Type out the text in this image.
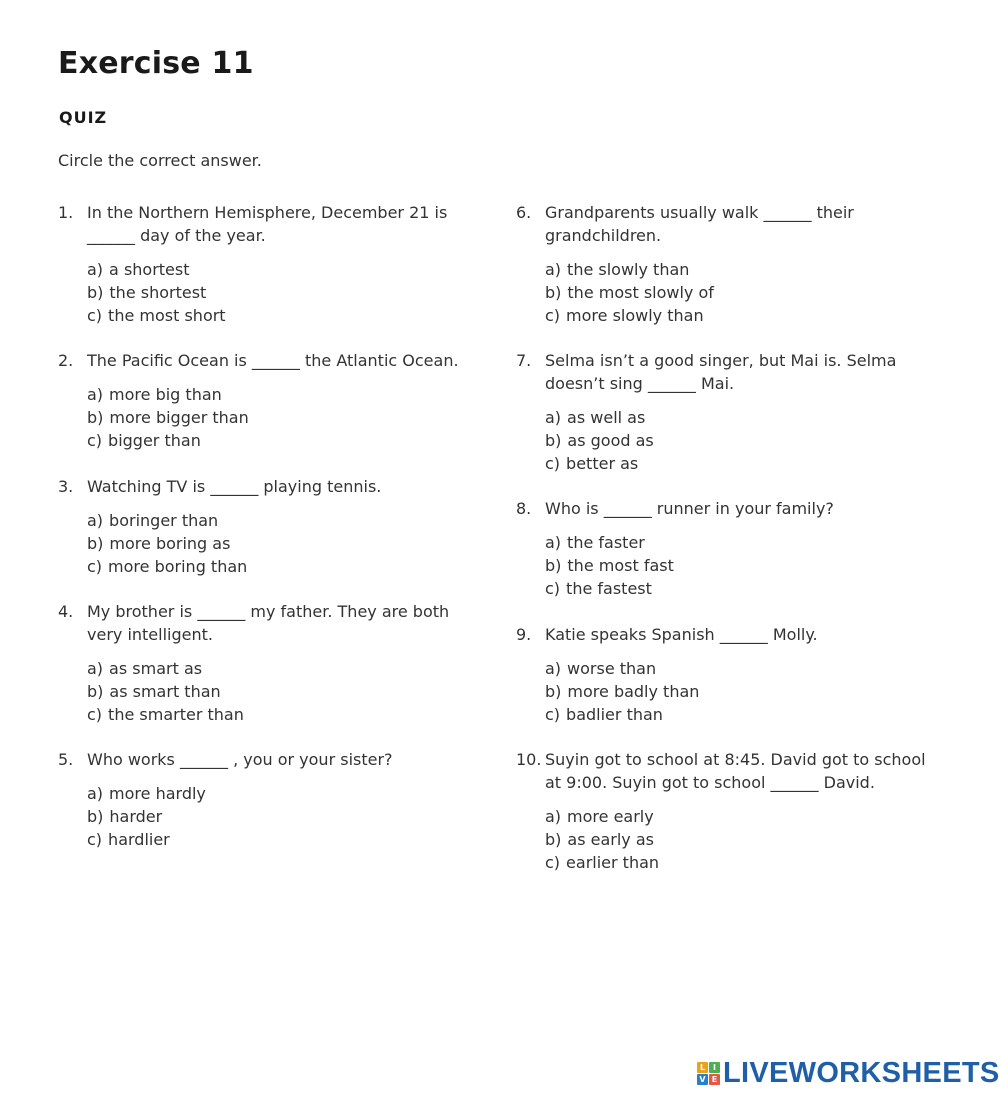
Exercise 11
QUIZ
Circle the correct answer.
1. In the Northern Hemisphere, December 21 is ______ day of the year.
a) a shortest
b) the shortest
c) the most short
2. The Pacific Ocean is ______ the Atlantic Ocean.
a) more big than
b) more bigger than
c) bigger than
3. Watching TV is ______ playing tennis.
a) boringer than
b) more boring as
c) more boring than
4. My brother is ______ my father. They are both very intelligent.
a) as smart as
b) as smart than
c) the smarter than
5. Who works ______ , you or your sister?
a) more hardly
b) harder
c) hardlier
6. Grandparents usually walk ______ their grandchildren.
a) the slowly than
b) the most slowly of
c) more slowly than
7. Selma isn’t a good singer, but Mai is. Selma doesn’t sing ______ Mai.
a) as well as
b) as good as
c) better as
8. Who is ______ runner in your family?
a) the faster
b) the most fast
c) the fastest
9. Katie speaks Spanish ______ Molly.
a) worse than
b) more badly than
c) badlier than
10. Suyin got to school at 8:45. David got to school at 9:00. Suyin got to school ______ David.
a) more early
b) as early as
c) earlier than
L I
V E LIVEWORKSHEETS
